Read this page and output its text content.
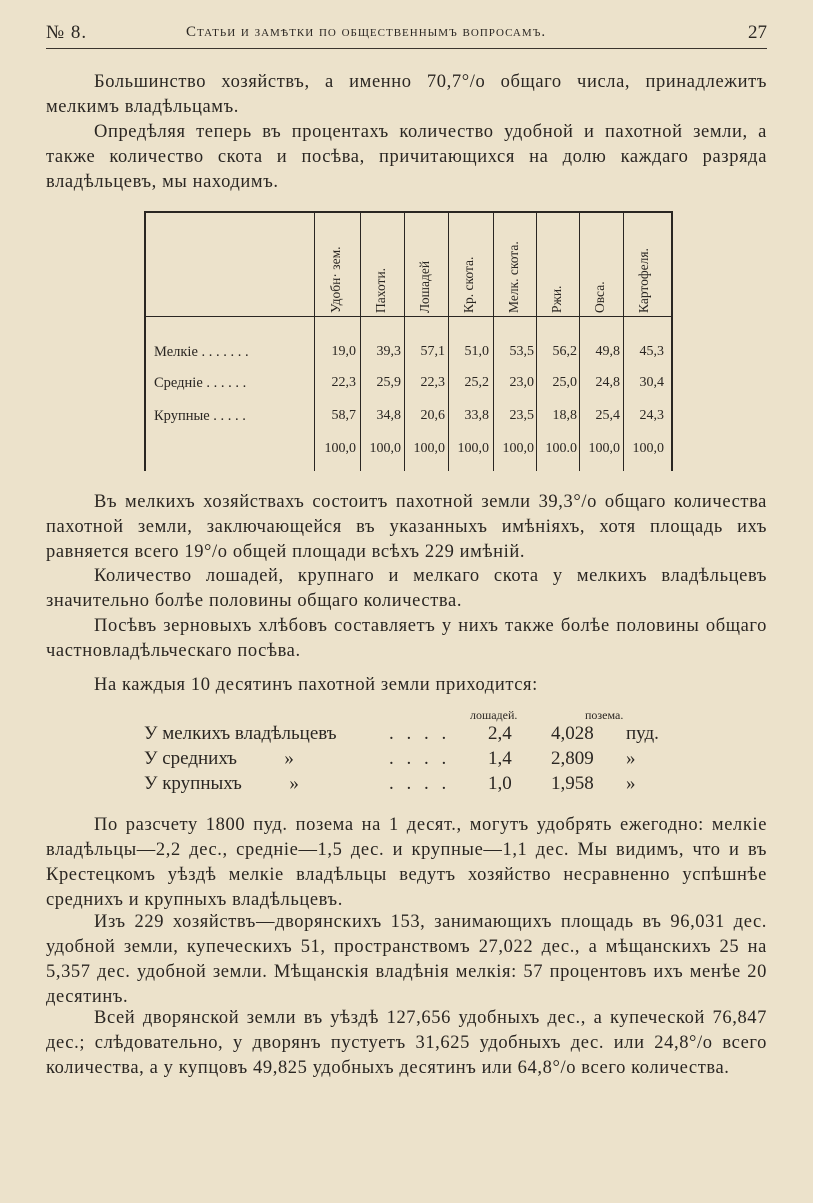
№ 8.	Статьи и замѣтки по общественнымъ вопросамъ.	27

Большинство хозяйствъ, а именно 70,7°/o общаго числа, принадлежитъ мелкимъ владѣльцамъ.

Опредѣляя теперь въ процентахъ количество удобной и пахотной земли, а также количество скота и посѣва, причитающихся на долю каждаго разряда владѣльцевъ, мы находимъ.

Удобн· зем.	Пахоти.	Лошадей	Кр. скота.	Мелк. скота.	Ржи.	Овса.	Картофеля.
Мелкіе . . . . . . .	19,0	39,3	57,1	51,0	53,5	56,2	49,8	45,3
Средніе . . . . . .	22,3	25,9	22,3	25,2	23,0	25,0	24,8	30,4
Крупные . . . . .	58,7	34,8	20,6	33,8	23,5	18,8	25,4	24,3
100,0 100,0 100,0 100,0 100,0 100.0 100,0 100,0

Въ мелкихъ хозяйствахъ состоитъ пахотной земли 39,3°/o общаго количества пахотной земли, заключающейся въ указанныхъ имѣніяхъ, хотя площадь ихъ равняется всего 19°/o общей площади всѣхъ 229 имѣній.

Количество лошадей, крупнаго и мелкаго скота у мелкихъ владѣльцевъ значительно болѣе половины общаго количества.

Посѣвъ зерновыхъ хлѣбовъ составляетъ у нихъ также болѣе половины общаго частновладѣльческаго посѣва.

На каждыя 10 десятинъ пахотной земли приходится:

лошадей.	позема.
У мелкихъ владѣльцевъ	. . . . 2,4	4,028	пуд.
У среднихъ          »	. . . . 1,4	2,809	»
У крупныхъ          »	. . . . 1,0	1,958	»

По разсчету 1800 пуд. позема на 1 десят., могутъ удобрять ежегодно: мелкіе владѣльцы—2,2 дес., средніе—1,5 дес. и крупные—1,1 дес. Мы видимъ, что и въ Крестецкомъ уѣздѣ мелкіе владѣльцы ведутъ хозяйство несравненно успѣшнѣе среднихъ и крупныхъ владѣльцевъ.

Изъ 229 хозяйствъ—дворянскихъ 153, занимающихъ площадь въ 96,031 дес. удобной земли, купеческихъ 51, пространствомъ 27,022 дес., а мѣщанскихъ 25 на 5,357 дес. удобной земли. Мѣщанскія владѣнія мелкія: 57 процентовъ ихъ менѣе 20 десятинъ.

Всей дворянской земли въ уѣздѣ 127,656 удобныхъ дес., а купеческой 76,847 дес.; слѣдовательно, у дворянъ пустуетъ 31,625 удобныхъ дес. или 24,8°/o всего количества, а у купцовъ 49,825 удобныхъ десятинъ или 64,8°/o всего количества.
